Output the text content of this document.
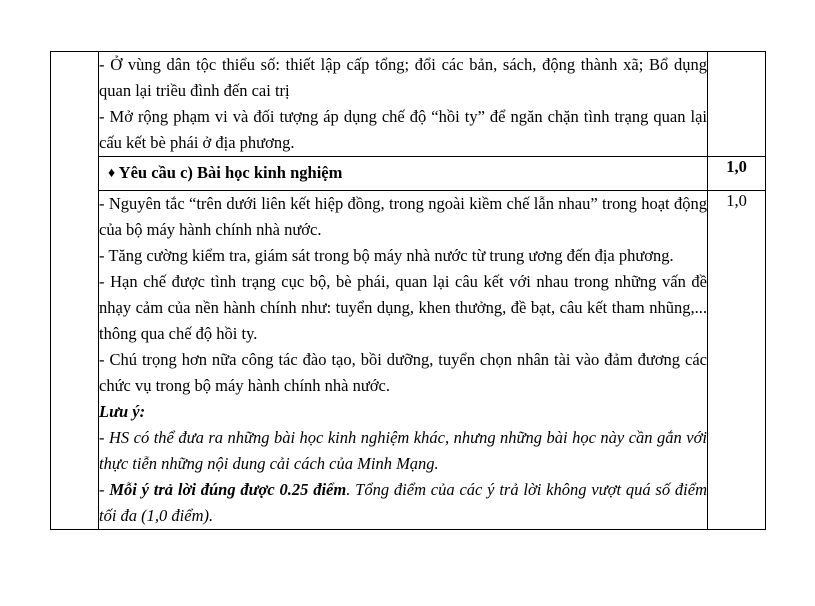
	- Ở vùng dân tộc thiểu số: thiết lập cấp tổng; đổi các bản, sách, động thành xã; Bổ dụng quan lại triều đình đến cai trị

- Mở rộng phạm vi và đối tượng áp dụng chế độ “hồi ty” để ngăn chặn tình trạng quan lại cấu kết bè phái ở địa phương.	

	♦ Yêu cầu c) Bài học kinh nghiệm	1,0

- Nguyên tắc “trên dưới liên kết hiệp đồng, trong ngoài kiềm chế lẫn nhau” trong hoạt động của bộ máy hành chính nhà nước.

- Tăng cường kiểm tra, giám sát trong bộ máy nhà nước từ trung ương đến địa phương.

- Hạn chế được tình trạng cục bộ, bè phái, quan lại câu kết với nhau trong những vấn đề nhạy cảm của nền hành chính như: tuyển dụng, khen thưởng, đề bạt, câu kết tham nhũng,... thông qua chế độ hồi ty.

- Chú trọng hơn nữa công tác đào tạo, bồi dưỡng, tuyển chọn nhân tài vào đảm đương các chức vụ trong bộ máy hành chính nhà nước.

Lưu ý:

- HS có thể đưa ra những bài học kinh nghiệm khác, nhưng những bài học này cần gắn với thực tiễn những nội dung cải cách của Minh Mạng.

- Mỗi ý trả lời đúng được 0.25 điểm. Tổng điểm của các ý trả lời không vượt quá số điểm tối đa (1,0 điểm).

	1,0
